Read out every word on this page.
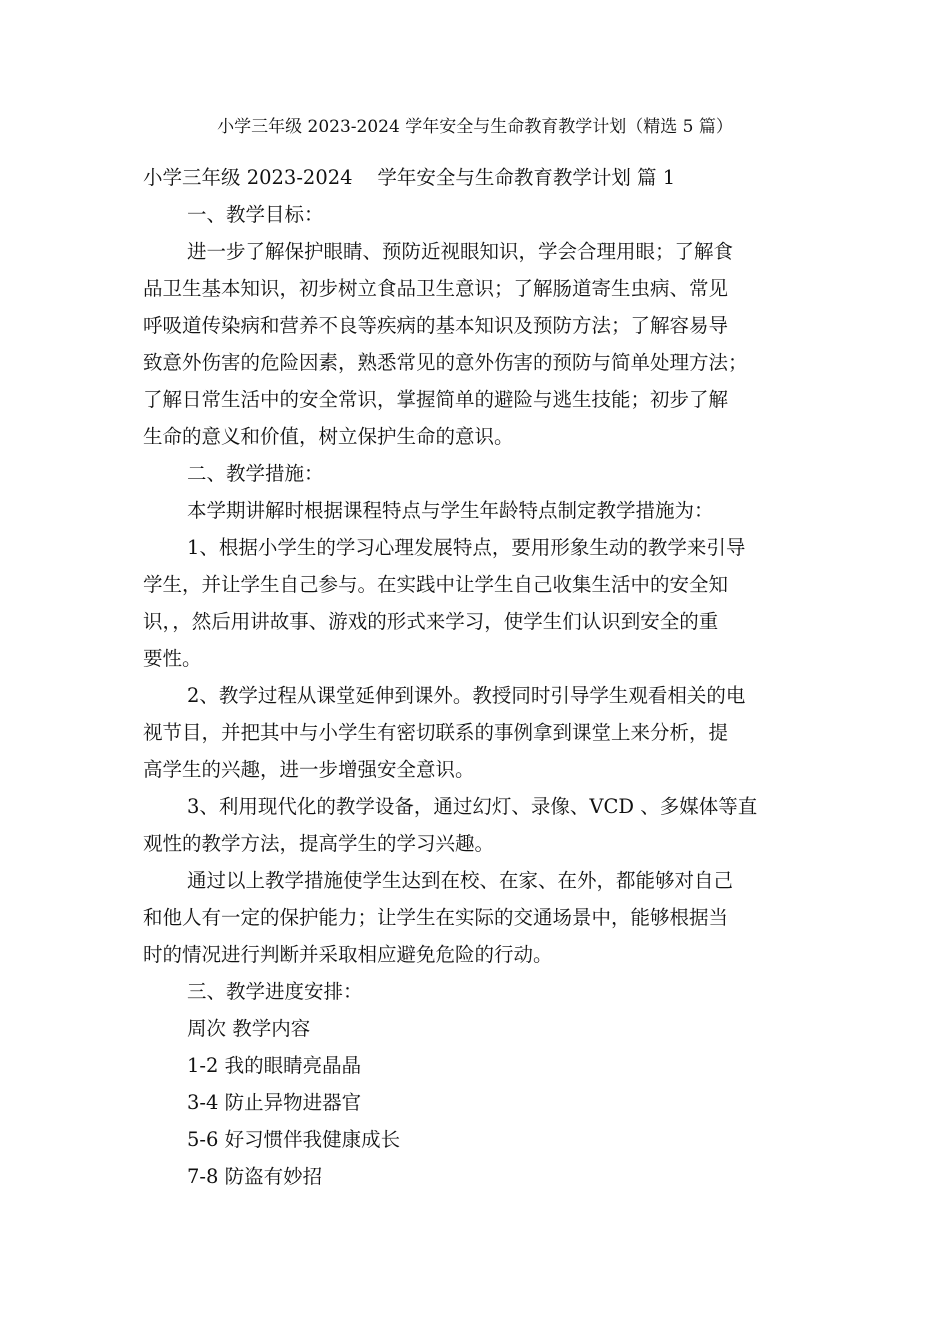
小学三年级 2023-2024 学年安全与生命教育教学计划（精选 5 篇）
小学三年级 2023-2024    学年安全与生命教育教学计划 篇 1
一、教学目标：
进一步了解保护眼睛、预防近视眼知识，学会合理用眼；了解食
品卫生基本知识，初步树立食品卫生意识；了解肠道寄生虫病、常见
呼吸道传染病和营养不良等疾病的基本知识及预防方法；了解容易导
致意外伤害的危险因素，熟悉常见的意外伤害的预防与简单处理方法；
了解日常生活中的安全常识，掌握简单的避险与逃生技能；初步了解
生命的意义和价值，树立保护生命的意识。
二、教学措施：
本学期讲解时根据课程特点与学生年龄特点制定教学措施为：
1、根据小学生的学习心理发展特点，要用形象生动的教学来引导
学生，并让学生自己参与。在实践中让学生自己收集生活中的安全知
识，，然后用讲故事、游戏的形式来学习，使学生们认识到安全的重
要性。
2、教学过程从课堂延伸到课外。教授同时引导学生观看相关的电
视节目，并把其中与小学生有密切联系的事例拿到课堂上来分析，提
高学生的兴趣，进一步增强安全意识。
3、利用现代化的教学设备，通过幻灯、录像、VCD 、多媒体等直
观性的教学方法，提高学生的学习兴趣。
通过以上教学措施使学生达到在校、在家、在外，都能够对自己
和他人有一定的保护能力；让学生在实际的交通场景中，能够根据当
时的情况进行判断并采取相应避免危险的行动。
三、教学进度安排：
周次 教学内容
1-2 我的眼睛亮晶晶
3-4 防止异物进器官
5-6 好习惯伴我健康成长
7-8 防盗有妙招
